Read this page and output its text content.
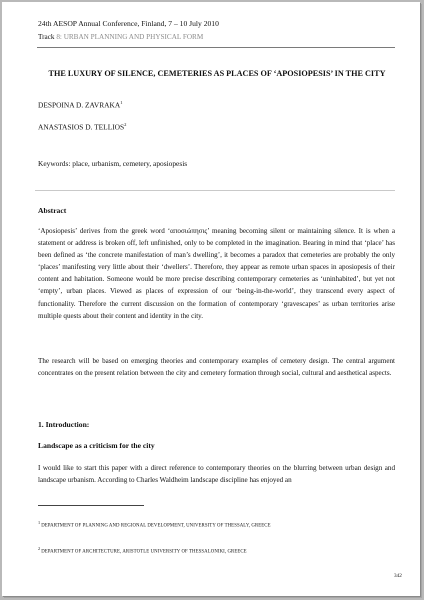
24th AESOP Annual Conference, Finland, 7 – 10 July 2010
Track 8: URBAN PLANNING AND PHYSICAL FORM
THE LUXURY OF SILENCE, CEMETERIES AS PLACES OF ‘APOSIOPESIS’ IN THE CITY
DESPOINA D. ZAVRAKA$^1$
ANASTASIOS D. TELLIOS$^2$
Keywords: place, urbanism, cemetery, aposiopesis
Abstract

‘Aposiopesis’ derives from the greek word ‘αποσιώπησις’ meaning becoming silent or maintaining silence. It is when a statement or address is broken off, left unfinished, only to be completed in the imagination. Bearing in mind that ‘place’ has been defined as ‘the concrete manifestation of man’s dwelling’, it becomes a paradox that cemeteries are probably the only ‘places’ manifesting very little about their ‘dwellers’. Therefore, they appear as remote urban spaces in aposiopesis of their content and habitation. Someone would be more precise describing contemporary cemeteries as ‘uninhabited’, but yet not ‘empty’, urban places. Viewed as places of expression of our ‘being-in-the-world’, they transcend every aspect of functionality. Therefore the current discussion on the formation of contemporary ‘gravescapes’ as urban territories arise multiple quests about their content and identity in the city.

The research will be based on emerging theories and contemporary examples of cemetery design. The central argument concentrates on the present relation between the city and cemetery formation through social, cultural and aesthetical aspects.

1. Introduction:
Landscape as a criticism for the city

I would like to start this paper with a direct reference to contemporary theories on the blurring between urban design and landscape urbanism. According to Charles Waldheim landscape discipline has enjoyed an

$^1$DEPARTMENT OF PLANNING AND REGIONAL DEVELOPMENT, UNIVERSITY OF THESSALY, GREECE
$^2$DEPARTMENT OF ARCHITECTURE, ARISTOTLE UNIVERSITY OF THESSALONIKI, GREECE
342
